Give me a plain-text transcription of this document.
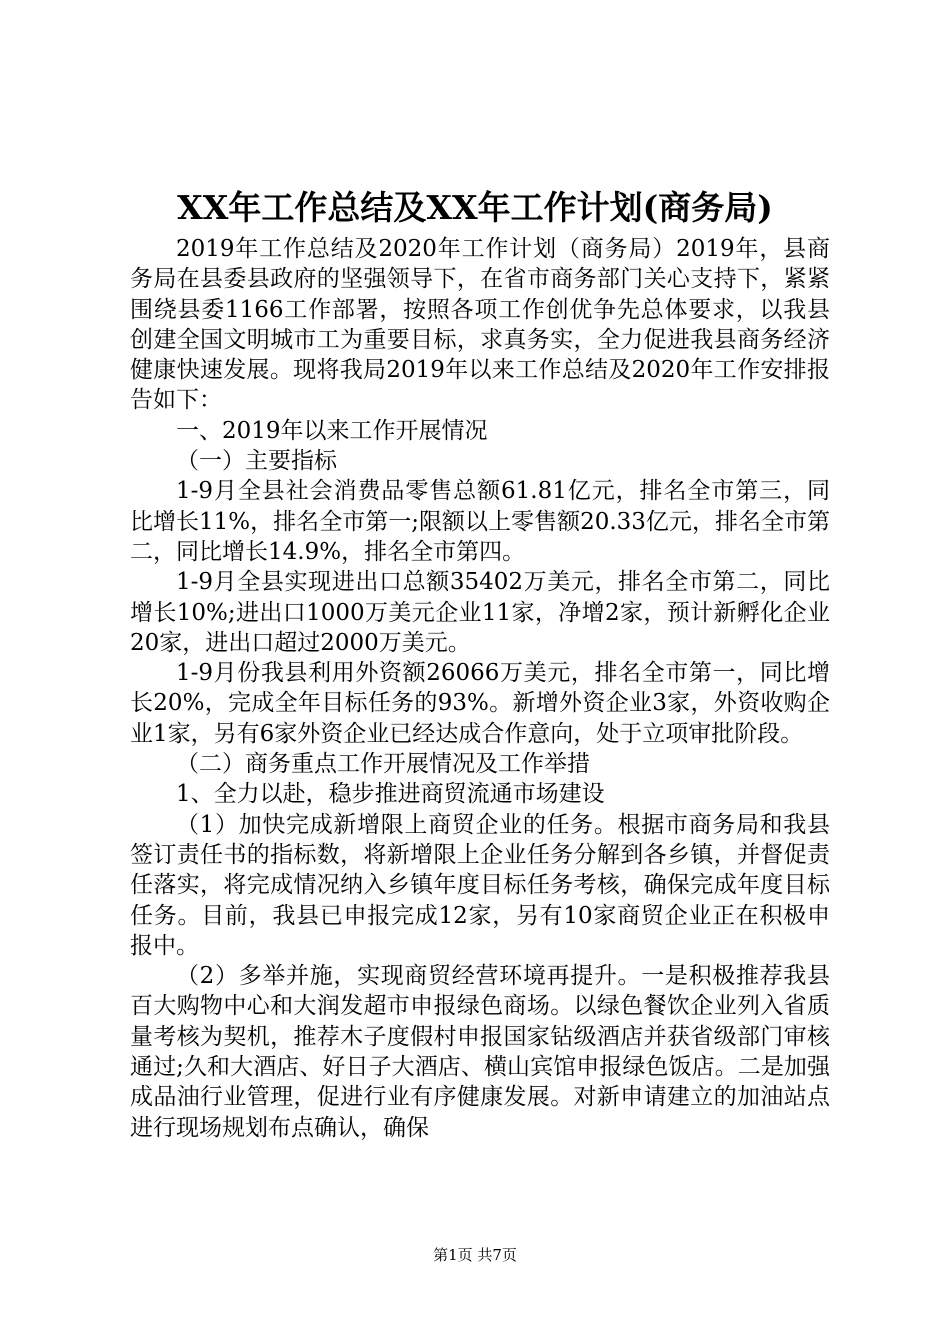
XX年工作总结及XX年工作计划(商务局)

2019年工作总结及2020年工作计划（商务局）2019年，县商务局在县委县政府的坚强领导下，在省市商务部门关心支持下，紧紧围绕县委1166工作部署，按照各项工作创优争先总体要求，以我县创建全国文明城市工为重要目标，求真务实，全力促进我县商务经济健康快速发展。现将我局2019年以来工作总结及2020年工作安排报告如下：

一、2019年以来工作开展情况

（一）主要指标

1-9月全县社会消费品零售总额61.81亿元，排名全市第三，同比增长11%，排名全市第一;限额以上零售额20.33亿元，排名全市第二，同比增长14.9%，排名全市第四。

1-9月全县实现进出口总额35402万美元，排名全市第二，同比增长10%;进出口1000万美元企业11家，净增2家，预计新孵化企业20家，进出口超过2000万美元。

1-9月份我县利用外资额26066万美元，排名全市第一，同比增长20%，完成全年目标任务的93%。新增外资企业3家，外资收购企业1家，另有6家外资企业已经达成合作意向，处于立项审批阶段。

（二）商务重点工作开展情况及工作举措

1、全力以赴，稳步推进商贸流通市场建设

（1）加快完成新增限上商贸企业的任务。根据市商务局和我县签订责任书的指标数，将新增限上企业任务分解到各乡镇，并督促责任落实，将完成情况纳入乡镇年度目标任务考核，确保完成年度目标任务。目前，我县已申报完成12家，另有10家商贸企业正在积极申报中。

（2）多举并施，实现商贸经营环境再提升。一是积极推荐我县百大购物中心和大润发超市申报绿色商场。以绿色餐饮企业列入省质量考核为契机，推荐木子度假村申报国家钻级酒店并获省级部门审核通过;久和大酒店、好日子大酒店、横山宾馆申报绿色饭店。二是加强成品油行业管理，促进行业有序健康发展。对新申请建立的加油站点进行现场规划布点确认，确保

第1页 共7页
